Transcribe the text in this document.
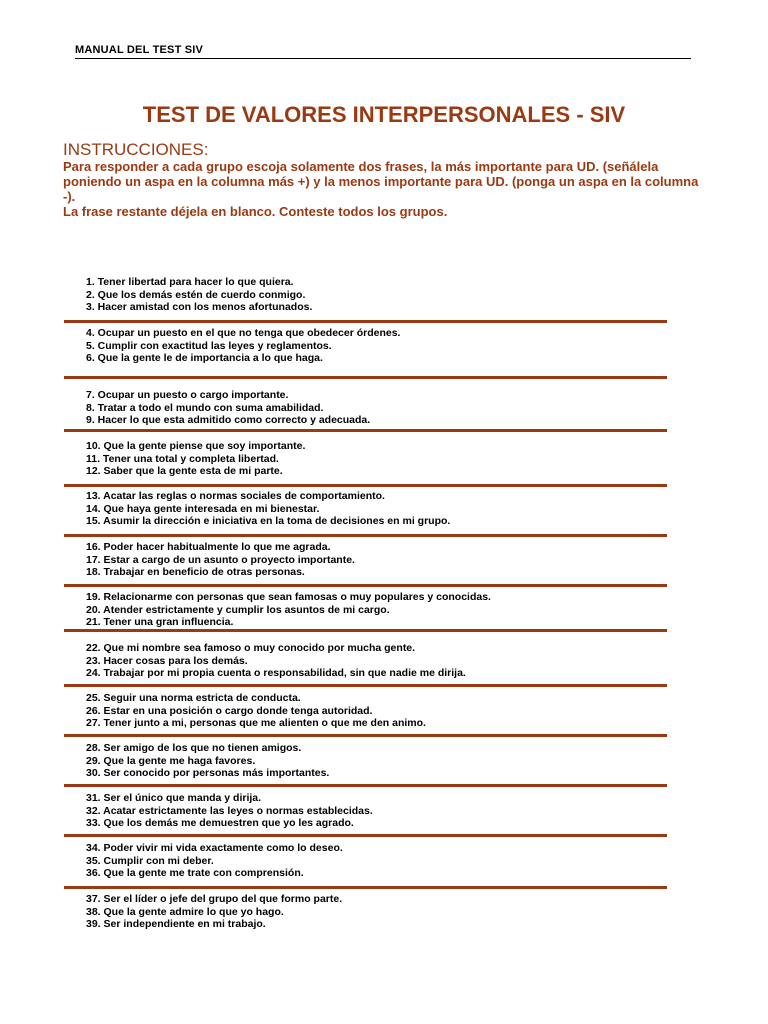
MANUAL DEL TEST SIV
TEST DE VALORES INTERPERSONALES - SIV
INSTRUCCIONES:

Para responder a cada grupo escoja solamente dos frases, la más importante para UD. (señálela poniendo un aspa en la columna más +) y la menos importante para UD. (ponga un aspa en la columna -).

La frase restante déjela en blanco. Conteste todos los grupos.

1. Tener libertad para hacer lo que quiera.
2. Que los demás estén de cuerdo conmigo.
3. Hacer amistad con los menos afortunados.
4. Ocupar un puesto en el que no tenga que obedecer órdenes.
5. Cumplir con exactitud las leyes y reglamentos.
6. Que la gente le de importancia a lo que haga.
7. Ocupar un puesto o cargo importante.
8. Tratar a todo el mundo con suma amabilidad.
9. Hacer lo que esta admitido como correcto y adecuada.
10. Que la gente piense que soy importante.
11. Tener una total y completa libertad.
12. Saber que la gente esta de mi parte.
13. Acatar las reglas o normas sociales de comportamiento.
14. Que haya gente interesada en mi bienestar.
15. Asumir la dirección e iniciativa en la toma de decisiones en mi grupo.
16. Poder hacer habitualmente lo que me agrada.
17. Estar a cargo de un asunto o proyecto importante.
18. Trabajar en beneficio de otras personas.
19. Relacionarme con personas que sean famosas o muy populares y conocidas.
20. Atender estrictamente y cumplir los asuntos de mi cargo.
21. Tener una gran influencia.
22. Que mi nombre sea famoso o muy conocido por mucha gente.
23. Hacer cosas para los demás.
24. Trabajar por mi propia cuenta o responsabilidad, sin que nadie me dirija.
25. Seguir una norma estricta de conducta.
26. Estar en una posición o cargo donde tenga autoridad.
27. Tener junto a mi, personas que me alienten o que me den animo.
28. Ser amigo de los que no tienen amigos.
29. Que la gente me haga favores.
30. Ser conocido por personas más importantes.
31. Ser el único que manda y dirija.
32. Acatar estrictamente las leyes o normas establecidas.
33. Que los demás me demuestren que yo les agrado.
34. Poder vivir mi vida exactamente como lo deseo.
35. Cumplir con mi deber.
36. Que la gente me trate con comprensión.
37. Ser el líder o jefe del grupo del que formo parte.
38. Que la gente admire lo que yo hago.
39. Ser independiente en mi trabajo.
